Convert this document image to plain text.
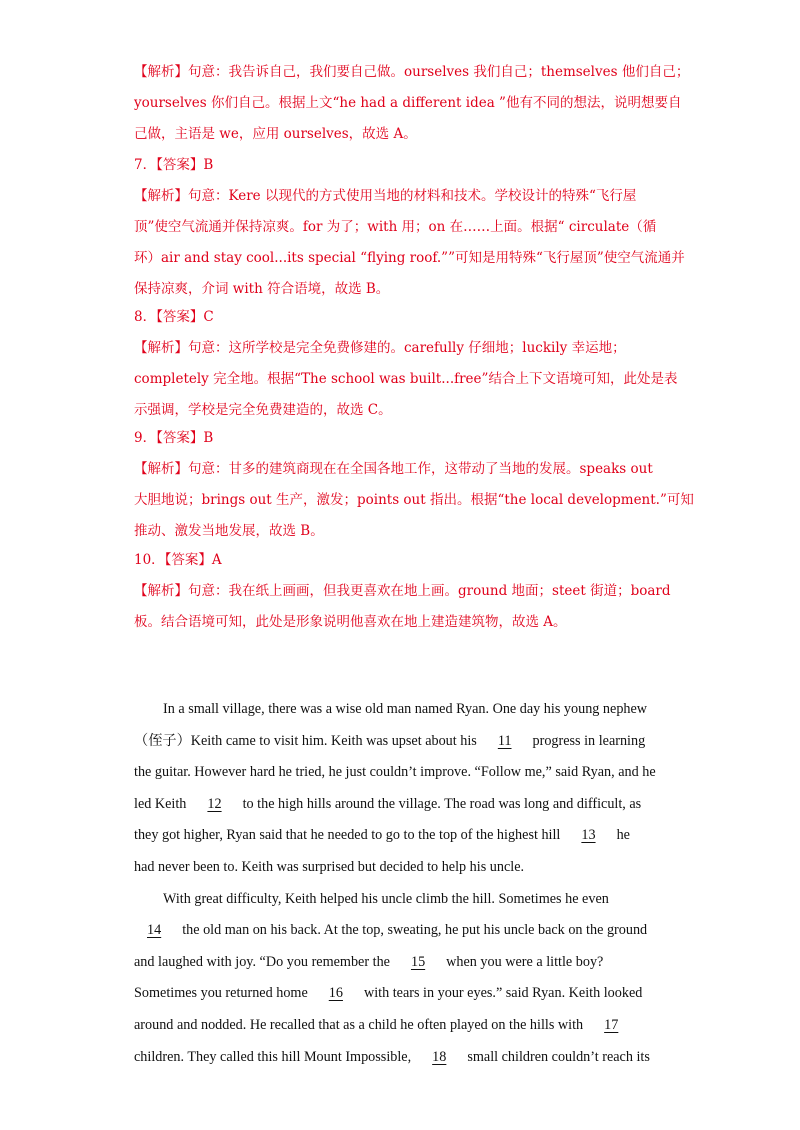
【解析】句意：我告诉自己，我们要自己做。ourselves 我们自己；themselves 他们自己；
yourselves 你们自己。根据上文“he had a different idea ”他有不同的想法，说明想要自
己做，主语是 we，应用 ourselves，故选 A。
7．【答案】B
【解析】句意：Kere 以现代的方式使用当地的材料和技术。学校设计的特殊“飞行屋
顶”使空气流通并保持凉爽。for 为了；with 用；on 在……上面。根据“ circulate（循
环）air and stay cool...its special “flying roof.””可知是用特殊“飞行屋顶”使空气流通并
保持凉爽，介词 with 符合语境，故选 B。
8．【答案】C
【解析】句意：这所学校是完全免费修建的。carefully 仔细地；luckily 幸运地；
completely 完全地。根据“The school was built...free”结合上下文语境可知，此处是表
示强调，学校是完全免费建造的，故选 C。
9．【答案】B
【解析】句意：甘多的建筑商现在在全国各地工作，这带动了当地的发展。speaks out
大胆地说；brings out 生产，激发；points out 指出。根据“the local development.”可知
推动、激发当地发展，故选 B。
10．【答案】A
【解析】句意：我在纸上画画，但我更喜欢在地上画。ground 地面；steet 街道；board
板。结合语境可知，此处是形象说明他喜欢在地上建造建筑物，故选 A。
In a small village, there was a wise old man named Ryan. One day his young nephew
（侄子）Keith came to visit him. Keith was upset about his 11 progress in learning
the guitar. However hard he tried, he just couldn’t improve. “Follow me,” said Ryan, and he
led Keith 12 to the high hills around the village. The road was long and difficult, as
they got higher, Ryan said that he needed to go to the top of the highest hill 13 he
had never been to. Keith was surprised but decided to help his uncle.
With great difficulty, Keith helped his uncle climb the hill. Sometimes he even
14 the old man on his back. At the top, sweating, he put his uncle back on the ground
and laughed with joy. “Do you remember the 15 when you were a little boy?
Sometimes you returned home 16 with tears in your eyes.” said Ryan. Keith looked
around and nodded. He recalled that as a child he often played on the hills with 17
children. They called this hill Mount Impossible, 18 small children couldn’t reach its
